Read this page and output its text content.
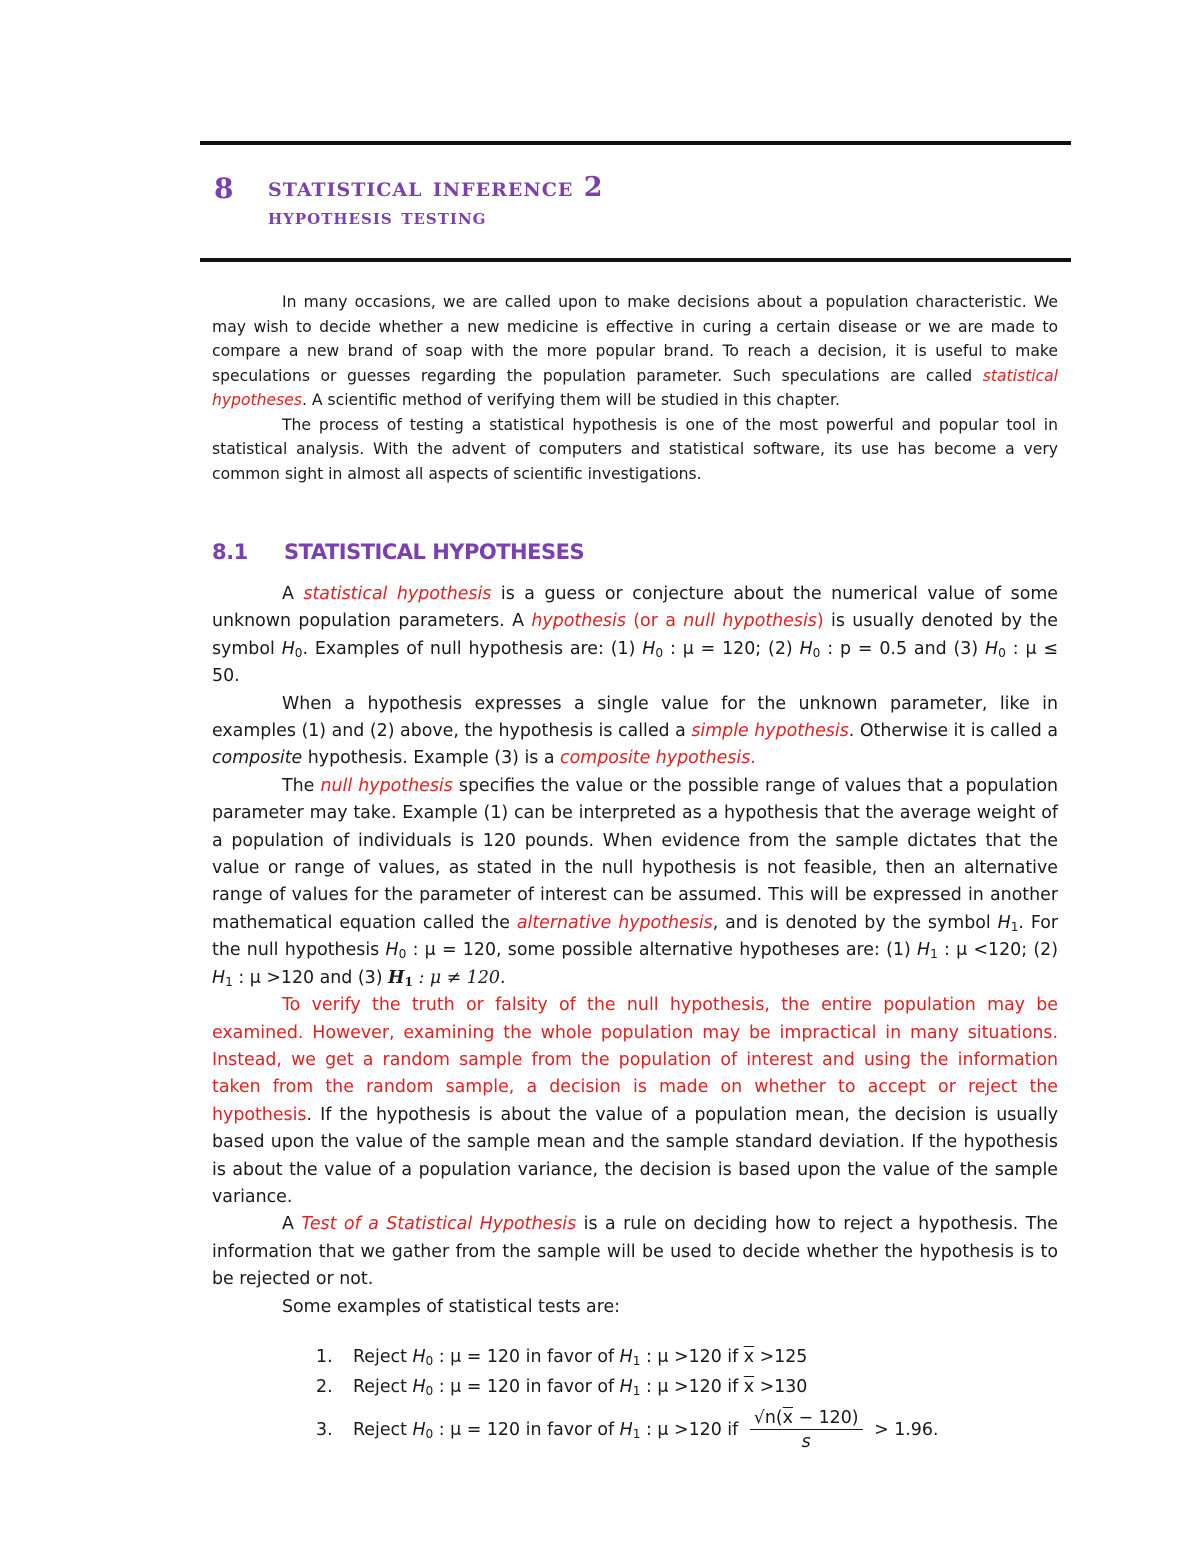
8 statistical inference 2
hypothesis testing

In many occasions, we are called upon to make decisions about a population characteristic. We may wish to decide whether a new medicine is effective in curing a certain disease or we are made to compare a new brand of soap with the more popular brand. To reach a decision, it is useful to make speculations or guesses regarding the population parameter. Such speculations are called statistical hypotheses. A scientific method of verifying them will be studied in this chapter.

The process of testing a statistical hypothesis is one of the most powerful and popular tool in statistical analysis. With the advent of computers and statistical software, its use has become a very common sight in almost all aspects of scientific investigations.

8.1 STATISTICAL HYPOTHESES

A statistical hypothesis is a guess or conjecture about the numerical value of some unknown population parameters. A hypothesis (or a null hypothesis) is usually denoted by the symbol $H_0$. Examples of null hypothesis are: (1) $H_0$ : μ = 120; (2) $H_0$ : p = 0.5 and (3) $H_0$ : μ ≤ 50.

When a hypothesis expresses a single value for the unknown parameter, like in examples (1) and (2) above, the hypothesis is called a simple hypothesis. Otherwise it is called a composite hypothesis. Example (3) is a composite hypothesis.

The null hypothesis specifies the value or the possible range of values that a population parameter may take. Example (1) can be interpreted as a hypothesis that the average weight of a population of individuals is 120 pounds. When evidence from the sample dictates that the value or range of values, as stated in the null hypothesis is not feasible, then an alternative range of values for the parameter of interest can be assumed. This will be expressed in another mathematical equation called the alternative hypothesis, and is denoted by the symbol $H_1$. For the null hypothesis $H_0$ : μ = 120, some possible alternative hypotheses are: (1) $H_1$ : μ <120; (2) $H_1$ : μ >120 and (3) $H_1$ : μ ≠ 120.

To verify the truth or falsity of the null hypothesis, the entire population may be examined. However, examining the whole population may be impractical in many situations. Instead, we get a random sample from the population of interest and using the information taken from the random sample, a decision is made on whether to accept or reject the hypothesis. If the hypothesis is about the value of a population mean, the decision is usually based upon the value of the sample mean and the sample standard deviation. If the hypothesis is about the value of a population variance, the decision is based upon the value of the sample variance.

A Test of a Statistical Hypothesis is a rule on deciding how to reject a hypothesis. The information that we gather from the sample will be used to decide whether the hypothesis is to be rejected or not.

Some examples of statistical tests are:

1. Reject $H_0$ : μ = 120 in favor of $H_1$ : μ >120 if $\overline{x} >125$
2. Reject $H_0$ : μ = 120 in favor of $H_1$ : μ >120 if $\overline{x} >130$
3. Reject $H_0$ : μ = 120 in favor of $H_1$ : μ >120 if $\frac{√n(\overline{x} - 120)}{s} > 1.96$.
